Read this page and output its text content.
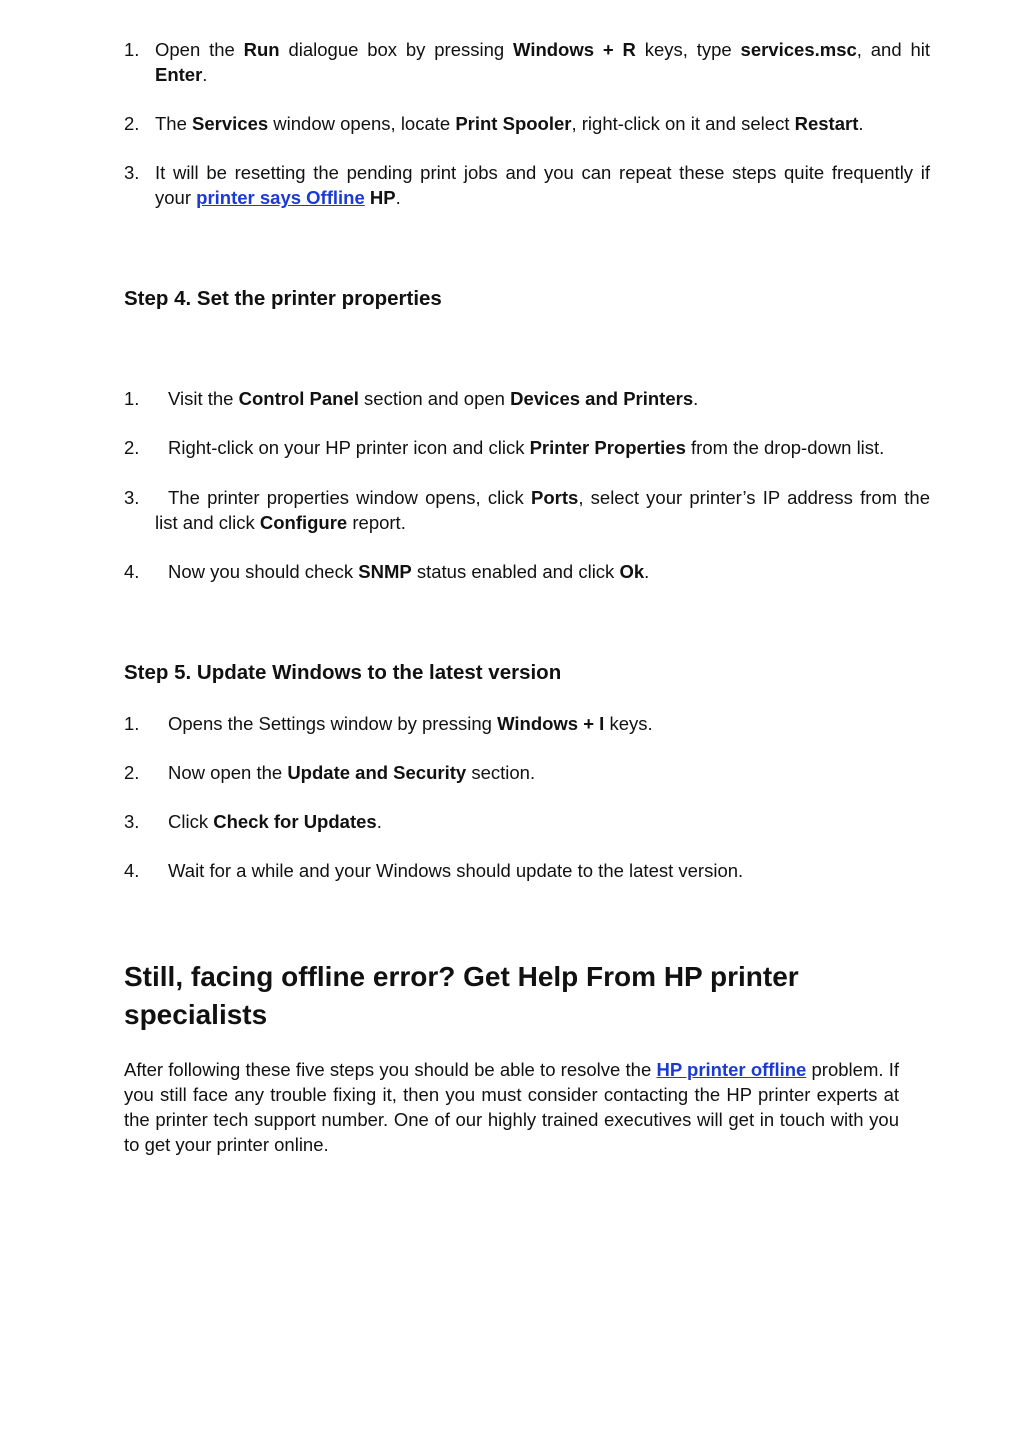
1. Open the Run dialogue box by pressing Windows + R keys, type services.msc, and hit Enter.
2. The Services window opens, locate Print Spooler, right-click on it and select Restart.
3. It will be resetting the pending print jobs and you can repeat these steps quite frequently if your printer says Offline HP.
Step 4. Set the printer properties
1. Visit the Control Panel section and open Devices and Printers.
2. Right-click on your HP printer icon and click Printer Properties from the drop-down list.
3. The printer properties window opens, click Ports, select your printer’s IP address from the list and click Configure report.
4. Now you should check SNMP status enabled and click Ok.
Step 5. Update Windows to the latest version
1. Opens the Settings window by pressing Windows + I keys.
2. Now open the Update and Security section.
3. Click Check for Updates.
4. Wait for a while and your Windows should update to the latest version.
Still, facing offline error? Get Help From HP printer specialists
After following these five steps you should be able to resolve the HP printer offline problem. If you still face any trouble fixing it, then you must consider contacting the HP printer experts at the printer tech support number. One of our highly trained executives will get in touch with you to get your printer online.
